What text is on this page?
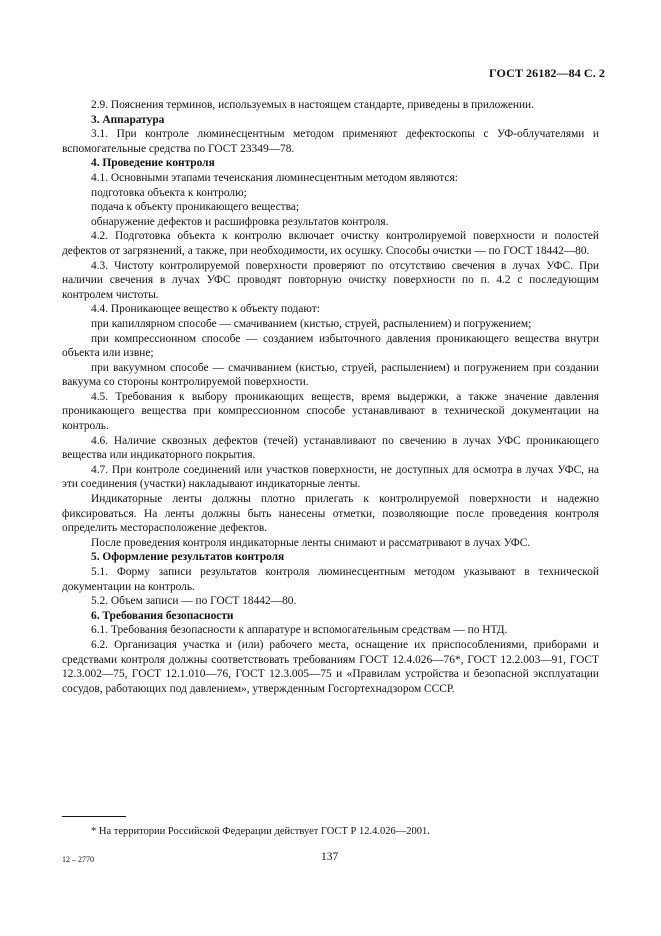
ГОСТ 26182—84 С. 2

2.9. Пояснения терминов, используемых в настоящем стандарте, приведены в приложении.

3. Аппаратура

3.1. При контроле люминесцентным методом применяют дефектоскопы с УФ-облучателями и вспомогательные средства по ГОСТ 23349—78.

4. Проведение контроля

4.1. Основными этапами течеискания люминесцентным методом являются:

подготовка объекта к контролю;

подача к объекту проникающего вещества;

обнаружение дефектов и расшифровка результатов контроля.

4.2. Подготовка объекта к контролю включает очистку контролируемой поверхности и полостей дефектов от загрязнений, а также, при необходимости, их осушку. Способы очистки — по ГОСТ 18442—80.

4.3. Чистоту контролируемой поверхности проверяют по отсутствию свечения в лучах УФС. При наличии свечения в лучах УФС проводят повторную очистку поверхности по п. 4.2 с последующим контролем чистоты.

4.4. Проникающее вещество к объекту подают:

при капиллярном способе — смачиванием (кистью, струей, распылением) и погружением;

при компрессионном способе — созданием избыточного давления проникающего вещества внутри объекта или извне;

при вакуумном способе — смачиванием (кистью, струей, распылением) и погружением при создании вакуума со стороны контролируемой поверхности.

4.5. Требования к выбору проникающих веществ, время выдержки, а также значение давления проникающего вещества при компрессионном способе устанавливают в технической документации на контроль.

4.6. Наличие сквозных дефектов (течей) устанавливают по свечению в лучах УФС проникающего вещества или индикаторного покрытия.

4.7. При контроле соединений или участков поверхности, не доступных для осмотра в лучах УФС, на эти соединения (участки) накладывают индикаторные ленты.

Индикаторные ленты должны плотно прилегать к контролируемой поверхности и надежно фиксироваться. На ленты должны быть нанесены отметки, позволяющие после проведения контроля определить месторасположение дефектов.

После проведения контроля индикаторные ленты снимают и рассматривают в лучах УФС.

5. Оформление результатов контроля

5.1. Форму записи результатов контроля люминесцентным методом указывают в технической документации на контроль.

5.2. Объем записи — по ГОСТ 18442—80.

6. Требования безопасности

6.1. Требования безопасности к аппаратуре и вспомогательным средствам — по НТД.

6.2. Организация участка и (или) рабочего места, оснащение их приспособлениями, приборами и средствами контроля должны соответствовать требованиям ГОСТ 12.4.026—76*, ГОСТ 12.2.003—91, ГОСТ 12.3.002—75, ГОСТ 12.1.010—76, ГОСТ 12.3.005—75 и «Правилам устройства и безопасной эксплуатации сосудов, работающих под давлением», утвержденным Госгортехнадзором СССР.

* На территории Российской Федерации действует ГОСТ Р 12.4.026—2001.
12 – 2770	137
